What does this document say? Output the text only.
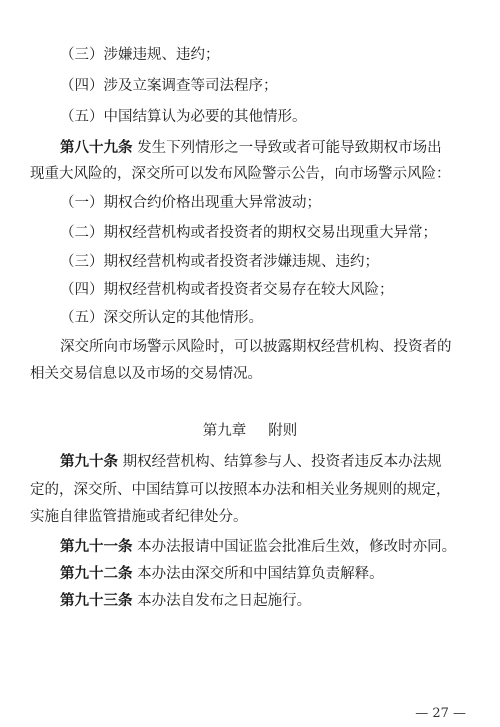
（三）涉嫌违规、违约；
（四）涉及立案调查等司法程序；
（五）中国结算认为必要的其他情形。
第八十九条 发生下列情形之一导致或者可能导致期权市场出
现重大风险的，深交所可以发布风险警示公告，向市场警示风险：
（一）期权合约价格出现重大异常波动；
（二）期权经营机构或者投资者的期权交易出现重大异常；
（三）期权经营机构或者投资者涉嫌违规、违约；
（四）期权经营机构或者投资者交易存在较大风险；
（五）深交所认定的其他情形。
深交所向市场警示风险时，可以披露期权经营机构、投资者的
相关交易信息以及市场的交易情况。
第九章 附则
第九十条 期权经营机构、结算参与人、投资者违反本办法规
定的，深交所、中国结算可以按照本办法和相关业务规则的规定，
实施自律监管措施或者纪律处分。
第九十一条 本办法报请中国证监会批准后生效，修改时亦同。
第九十二条 本办法由深交所和中国结算负责解释。
第九十三条 本办法自发布之日起施行。
— 27 —
